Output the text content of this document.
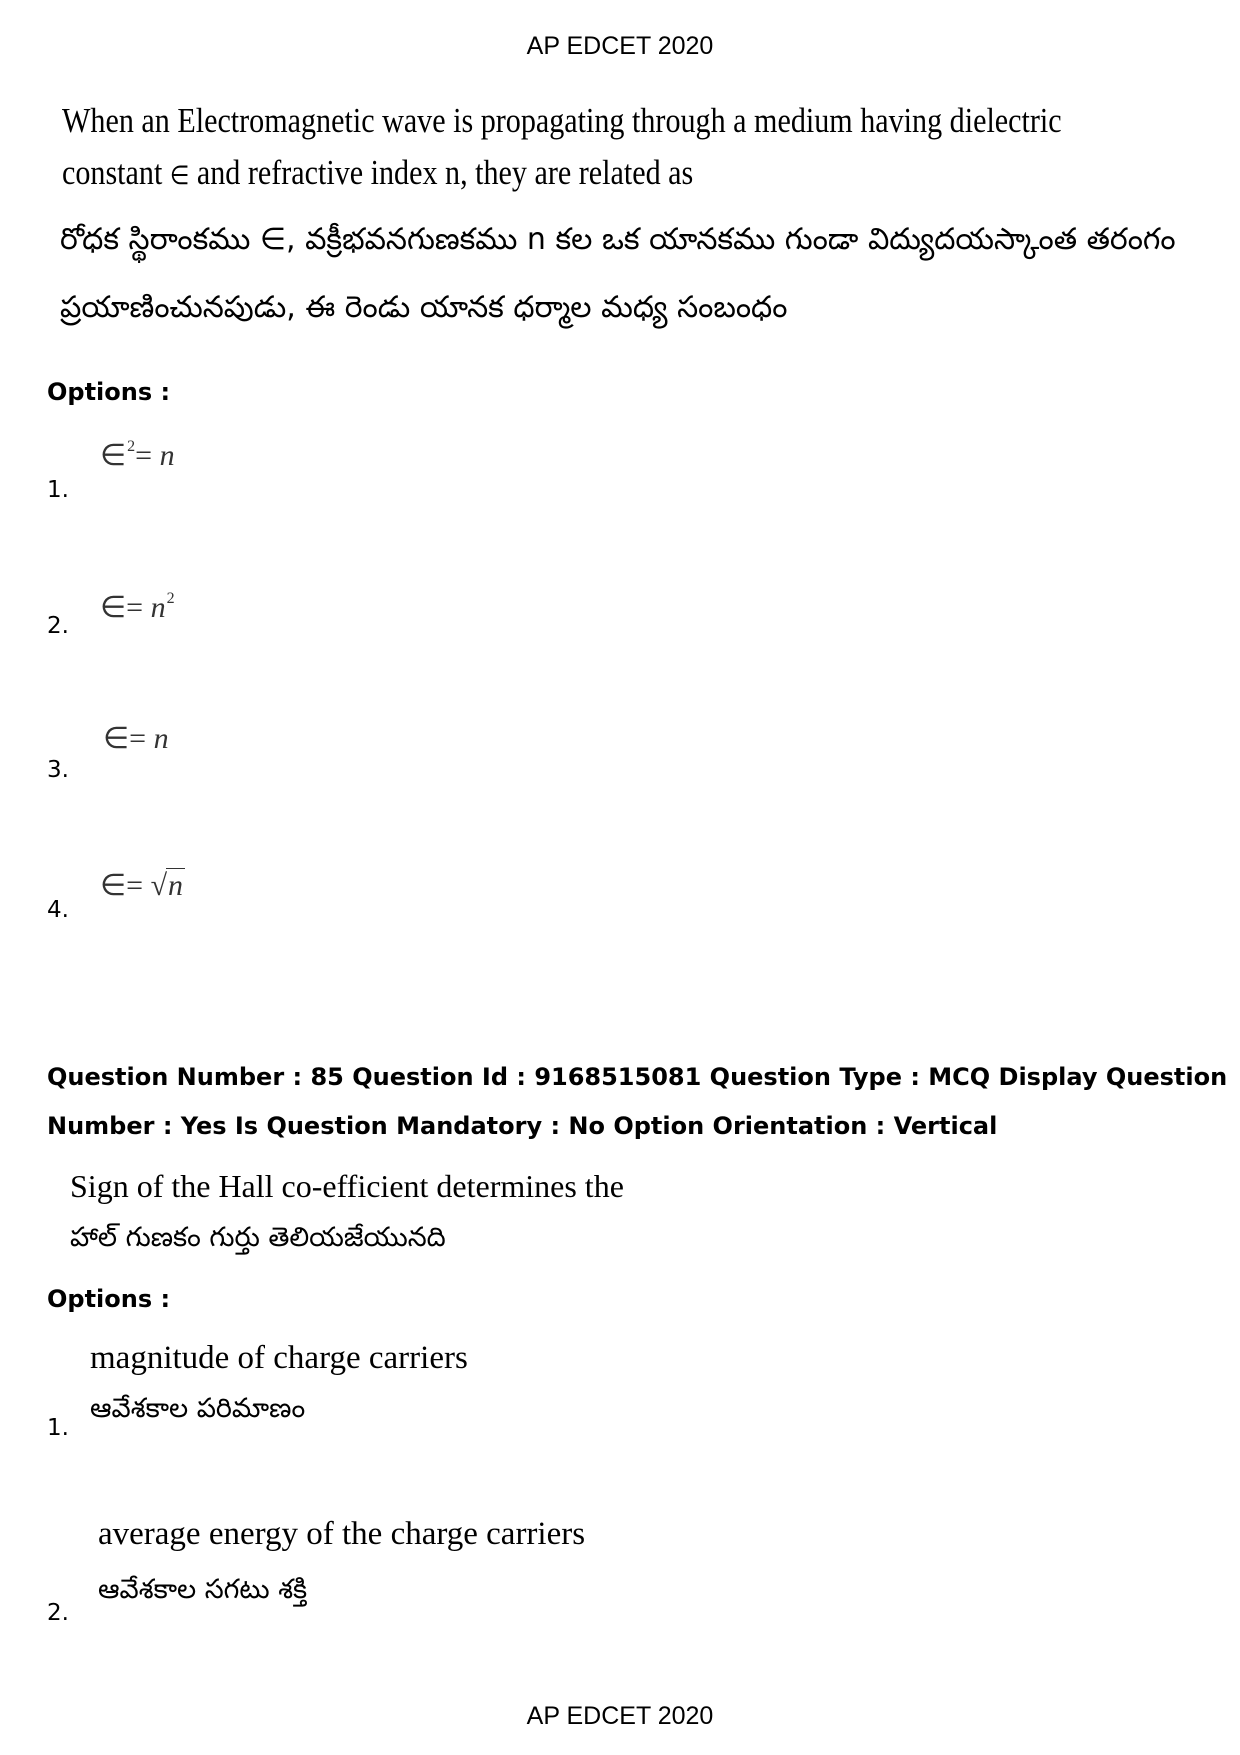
AP EDCET 2020
When an Electromagnetic wave is propagating through a medium having dielectric
constant ∈ and refractive index n, they are related as
రోధక స్థిరాంకము ∈, వక్రీభవనగుణకము n కల ఒక యానకము గుండా విద్యుదయస్కాంత తరంగం
ప్రయాణించునపుడు, ఈ రెండు యానక ధర్మాల మధ్య సంబంధం
Options :
1.
∈$^2$= n
2.
∈= $n^2$
3.
∈= n
4.
∈= √n
Question Number : 85 Question Id : 9168515081 Question Type : MCQ Display Question
Number : Yes Is Question Mandatory : No Option Orientation : Vertical
Sign of the Hall co-efficient determines the
హాల్ గుణకం గుర్తు తెలియజేయునది
Options :
1.
magnitude of charge carriers
ఆవేశకాల పరిమాణం
2.
average energy of the charge carriers
ఆవేశకాల సగటు శక్తి
AP EDCET 2020
